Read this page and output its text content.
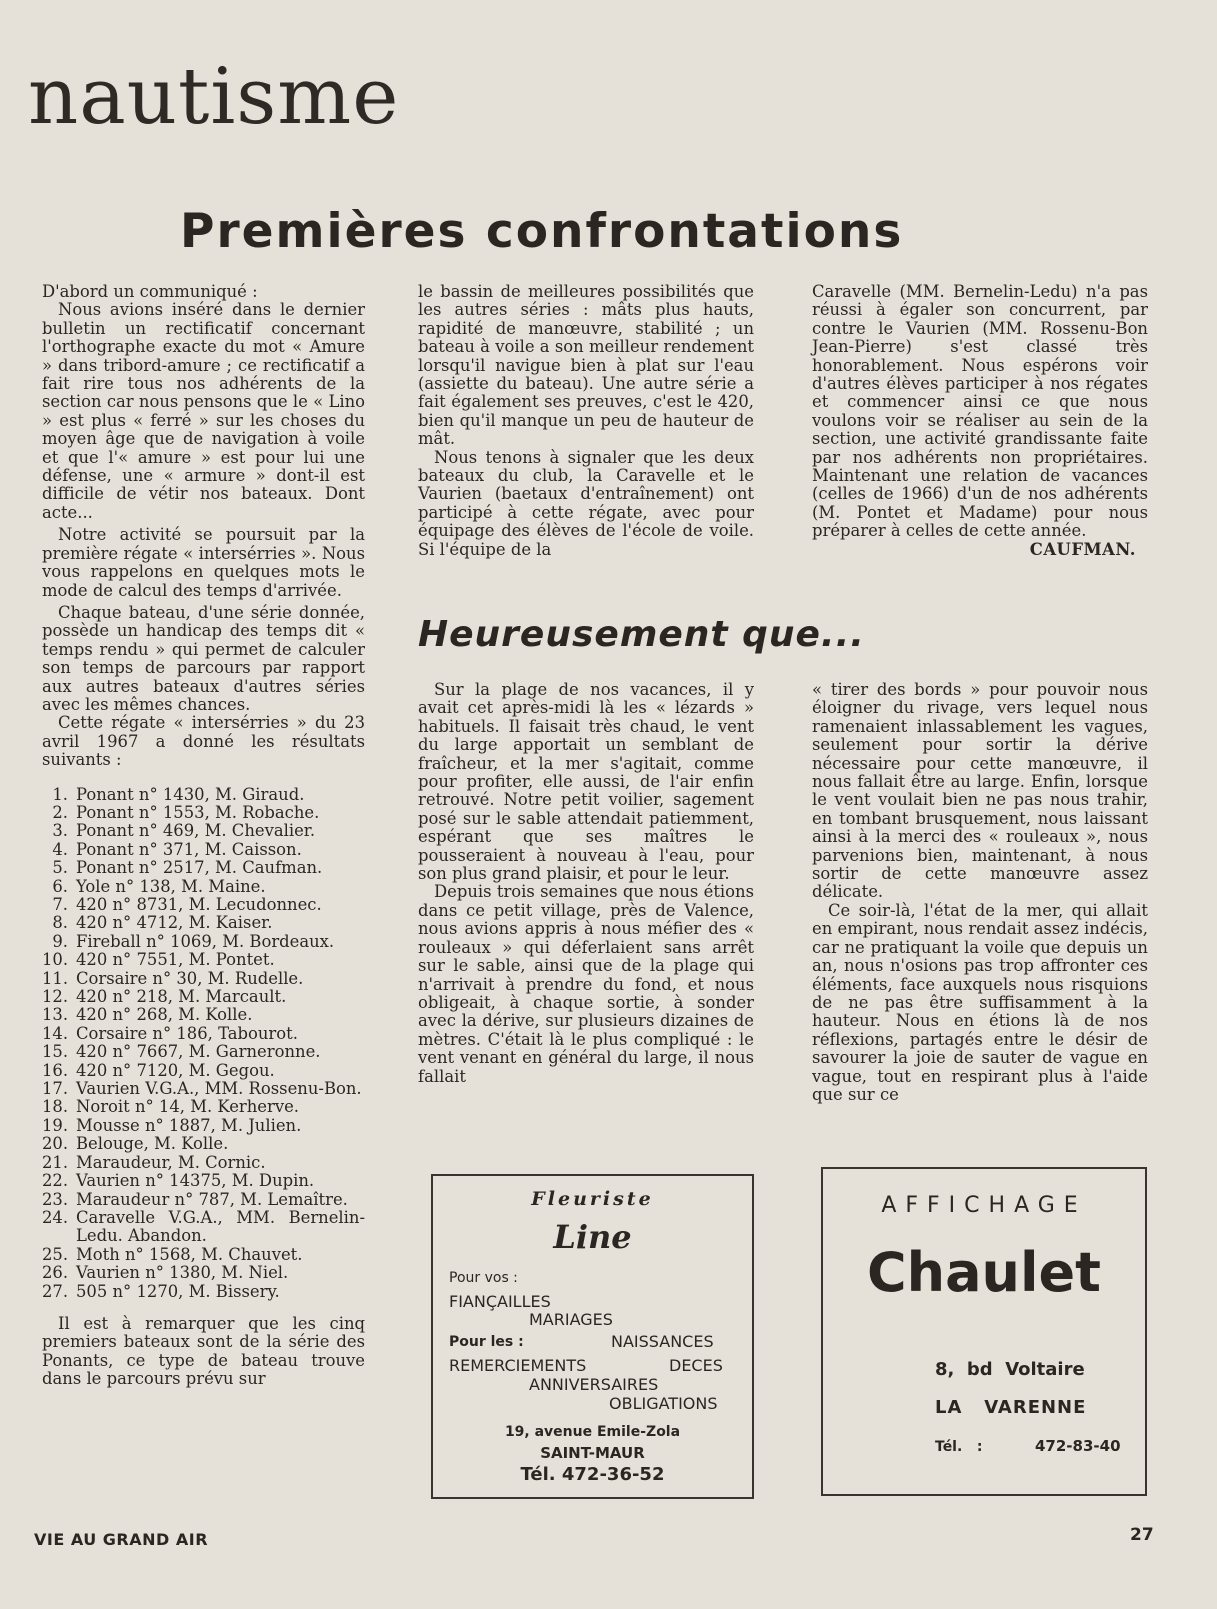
nautisme
Premières confrontations

D'abord un communiqué :

Nous avions inséré dans le dernier bulletin un rectificatif concernant l'orthographe exacte du mot « Amure » dans tribord-amure ; ce rectificatif a fait rire tous nos adhérents de la section car nous pensons que le « Lino » est plus « ferré » sur les choses du moyen âge que de navigation à voile et que l'« amure » est pour lui une défense, une « armure » dont-il est difficile de vétir nos bateaux. Dont acte...

Notre activité se poursuit par la première régate « intersérries ». Nous vous rappelons en quelques mots le mode de calcul des temps d'arrivée.

Chaque bateau, d'une série donnée, possède un handicap des temps dit « temps rendu » qui permet de calculer son temps de parcours par rapport aux autres bateaux d'autres séries avec les mêmes chances.

Cette régate « intersérries » du 23 avril 1967 a donné les résultats suivants :

1. Ponant n° 1430, M. Giraud.
2. Ponant n° 1553, M. Robache.
3. Ponant n° 469, M. Chevalier.
4. Ponant n° 371, M. Caisson.
5. Ponant n° 2517, M. Caufman.
6. Yole n° 138, M. Maine.
7. 420 n° 8731, M. Lecudonnec.
8. 420 n° 4712, M. Kaiser.
9. Fireball n° 1069, M. Bordeaux.
10. 420 n° 7551, M. Pontet.
11. Corsaire n° 30, M. Rudelle.
12. 420 n° 218, M. Marcault.
13. 420 n° 268, M. Kolle.
14. Corsaire n° 186, Tabourot.
15. 420 n° 7667, M. Garneronne.
16. 420 n° 7120, M. Gegou.
17. Vaurien V.G.A., MM. Rossenu-Bon.
18. Noroit n° 14, M. Kerherve.
19. Mousse n° 1887, M. Julien.
20. Belouge, M. Kolle.
21. Maraudeur, M. Cornic.
22. Vaurien n° 14375, M. Dupin.
23. Maraudeur n° 787, M. Lemaître.
24. Caravelle V.G.A., MM. Bernelin-Ledu. Abandon.
25. Moth n° 1568, M. Chauvet.
26. Vaurien n° 1380, M. Niel.
27. 505 n° 1270, M. Bissery.

Il est à remarquer que les cinq premiers bateaux sont de la série des Ponants, ce type de bateau trouve dans le parcours prévu sur

le bassin de meilleures possibilités que les autres séries : mâts plus hauts, rapidité de manœuvre, stabilité ; un bateau à voile a son meilleur rendement lorsqu'il navigue bien à plat sur l'eau (assiette du bateau). Une autre série a fait également ses preuves, c'est le 420, bien qu'il manque un peu de hauteur de mât.

Nous tenons à signaler que les deux bateaux du club, la Caravelle et le Vaurien (baetaux d'entraînement) ont participé à cette régate, avec pour équipage des élèves de l'école de voile. Si l'équipe de la

Caravelle (MM. Bernelin-Ledu) n'a pas réussi à égaler son concurrent, par contre le Vaurien (MM. Rossenu-Bon Jean-Pierre) s'est classé très honorablement. Nous espérons voir d'autres élèves participer à nos régates et commencer ainsi ce que nous voulons voir se réaliser au sein de la section, une activité grandissante faite par nos adhérents non propriétaires. Maintenant une relation de vacances (celles de 1966) d'un de nos adhérents (M. Pontet et Madame) pour nous préparer à celles de cette année.

CAUFMAN.
Heureusement que...

Sur la plage de nos vacances, il y avait cet après-midi là les « lézards » habituels. Il faisait très chaud, le vent du large apportait un semblant de fraîcheur, et la mer s'agitait, comme pour profiter, elle aussi, de l'air enfin retrouvé. Notre petit voilier, sagement posé sur le sable attendait patiemment, espérant que ses maîtres le pousseraient à nouveau à l'eau, pour son plus grand plaisir, et pour le leur.

Depuis trois semaines que nous étions dans ce petit village, près de Valence, nous avions appris à nous méfier des « rouleaux » qui déferlaient sans arrêt sur le sable, ainsi que de la plage qui n'arrivait à prendre du fond, et nous obligeait, à chaque sortie, à sonder avec la dérive, sur plusieurs dizaines de mètres. C'était là le plus compliqué : le vent venant en général du large, il nous fallait

« tirer des bords » pour pouvoir nous éloigner du rivage, vers lequel nous ramenaient inlassablement les vagues, seulement pour sortir la dérive nécessaire pour cette manœuvre, il nous fallait être au large. Enfin, lorsque le vent voulait bien ne pas nous trahir, en tombant brusquement, nous laissant ainsi à la merci des « rouleaux », nous parvenions bien, maintenant, à nous sortir de cette manœuvre assez délicate.

Ce soir-là, l'état de la mer, qui allait en empirant, nous rendait assez indécis, car ne pratiquant la voile que depuis un an, nous n'osions pas trop affronter ces éléments, face auxquels nous risquions de ne pas être suffisamment à la hauteur. Nous en étions là de nos réflexions, partagés entre le désir de savourer la joie de sauter de vague en vague, tout en respirant plus à l'aide que sur ce

Fleuriste
Line
Pour vos :
FIANÇAILLES
MARIAGES
Pour les :	NAISSANCES
REMERCIEMENTS	DECES
ANNIVERSAIRES
OBLIGATIONS
19, avenue Emile-Zola
SAINT-MAUR
Tél. 472-36-52
AFFICHAGE
Chaulet
8,  bd  Voltaire
LA   VARENNE
Tél.   :	472-83-40
VIE AU GRAND AIR	27
